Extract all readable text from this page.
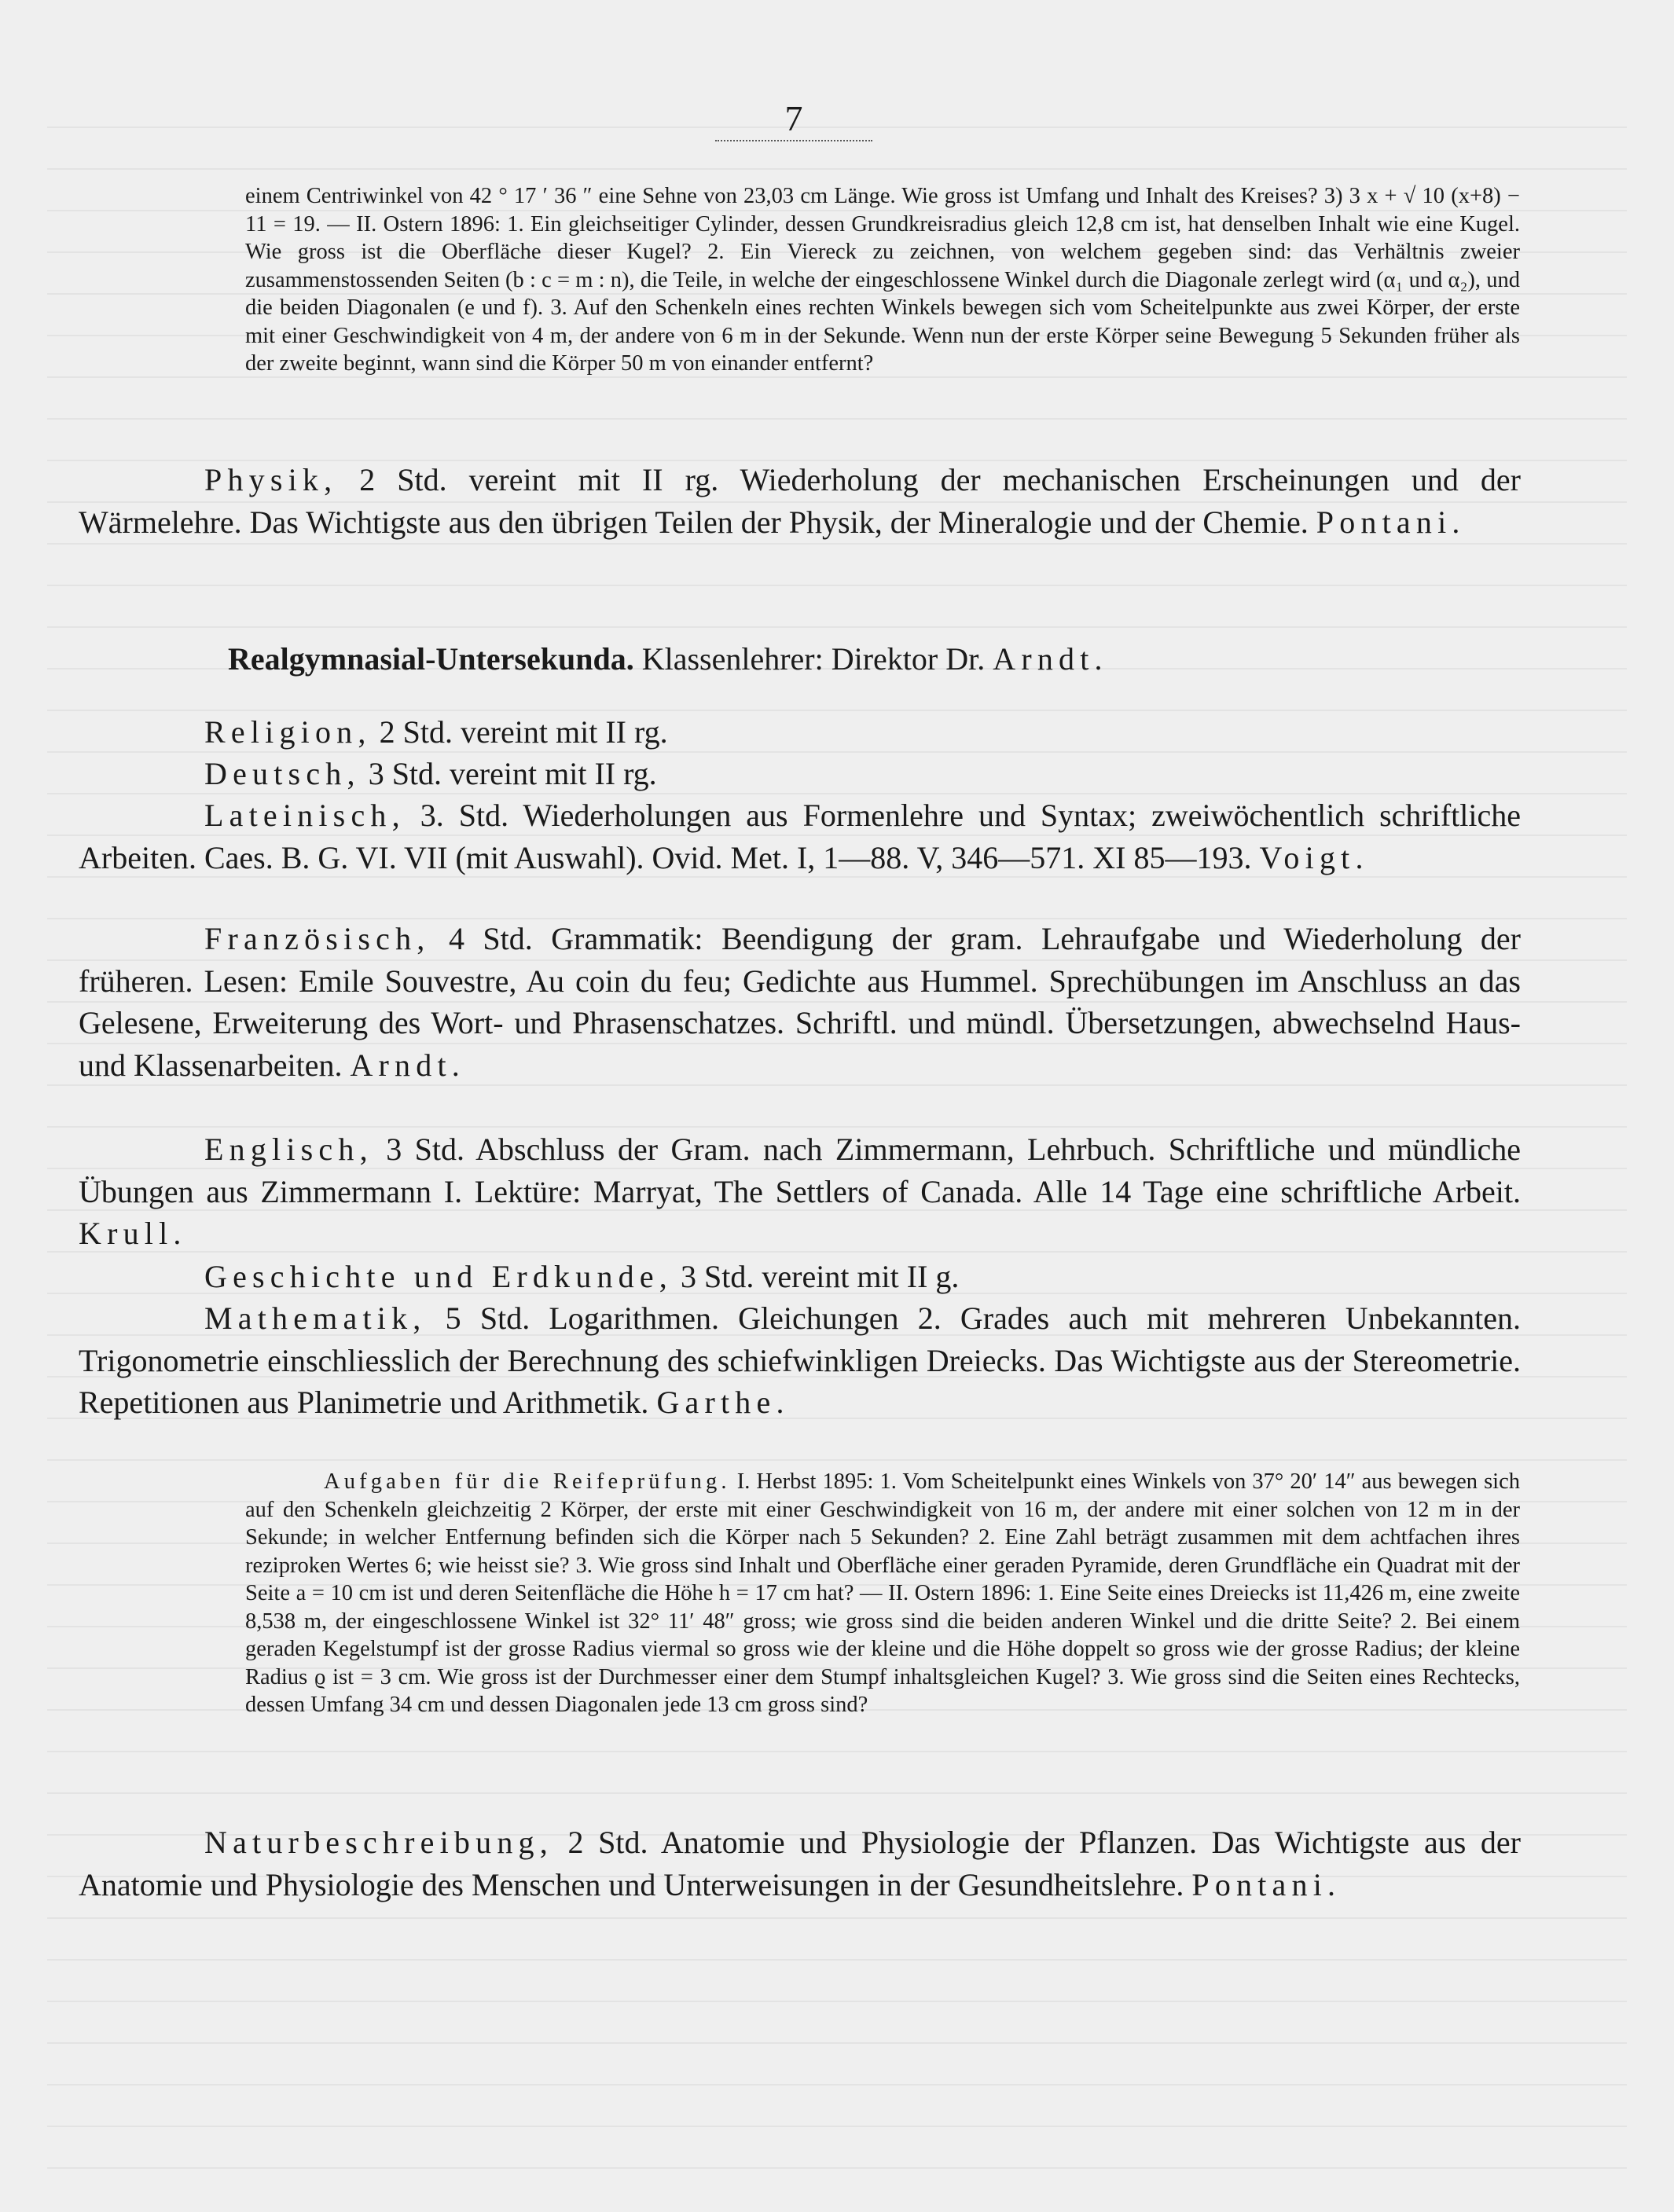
7
einem Centriwinkel von 42 ° 17 ′ 36 ″ eine Sehne von 23,03 cm Länge. Wie gross ist Umfang und Inhalt des Kreises? 3) 3 x + √ 10 (x+8) − 11 = 19. — II. Ostern 1896: 1. Ein gleichseitiger Cylinder, dessen Grundkreisradius gleich 12,8 cm ist, hat denselben Inhalt wie eine Kugel. Wie gross ist die Oberfläche dieser Kugel? 2. Ein Viereck zu zeichnen, von welchem gegeben sind: das Verhältnis zweier zusammenstossenden Seiten (b : c = m : n), die Teile, in welche der eingeschlossene Winkel durch die Diagonale zerlegt wird (α₁ und α₂), und die beiden Diagonalen (e und f). 3. Auf den Schenkeln eines rechten Winkels bewegen sich vom Scheitelpunkte aus zwei Körper, der erste mit einer Geschwindigkeit von 4 m, der andere von 6 m in der Sekunde. Wenn nun der erste Körper seine Bewegung 5 Sekunden früher als der zweite beginnt, wann sind die Körper 50 m von einander entfernt?
Physik, 2 Std. vereint mit II rg. Wiederholung der mechanischen Erscheinungen und der Wärmelehre. Das Wichtigste aus den übrigen Teilen der Physik, der Mineralogie und der Chemie. Pontani.
Realgymnasial-Untersekunda. Klassenlehrer: Direktor Dr. Arndt.
Religion, 2 Std. vereint mit II rg.
Deutsch, 3 Std. vereint mit II rg.
Lateinisch, 3. Std. Wiederholungen aus Formenlehre und Syntax; zweiwöchentlich schriftliche Arbeiten. Caes. B. G. VI. VII (mit Auswahl). Ovid. Met. I, 1—88. V, 346—571. XI 85—193. Voigt.
Französisch, 4 Std. Grammatik: Beendigung der gram. Lehraufgabe und Wiederholung der früheren. Lesen: Emile Souvestre, Au coin du feu; Gedichte aus Hummel. Sprechübungen im Anschluss an das Gelesene, Erweiterung des Wort- und Phrasenschatzes. Schriftl. und mündl. Übersetzungen, abwechselnd Haus- und Klassenarbeiten. Arndt.
Englisch, 3 Std. Abschluss der Gram. nach Zimmermann, Lehrbuch. Schriftliche und mündliche Übungen aus Zimmermann I. Lektüre: Marryat, The Settlers of Canada. Alle 14 Tage eine schriftliche Arbeit. Krull.
Geschichte und Erdkunde, 3 Std. vereint mit II g.
Mathematik, 5 Std. Logarithmen. Gleichungen 2. Grades auch mit mehreren Unbekannten. Trigonometrie einschliesslich der Berechnung des schiefwinkligen Dreiecks. Das Wichtigste aus der Stereometrie. Repetitionen aus Planimetrie und Arithmetik. Garthe.
Aufgaben für die Reifeprüfung. I. Herbst 1895: 1. Vom Scheitelpunkt eines Winkels von 37° 20′ 14″ aus bewegen sich auf den Schenkeln gleichzeitig 2 Körper, der erste mit einer Geschwindigkeit von 16 m, der andere mit einer solchen von 12 m in der Sekunde; in welcher Entfernung befinden sich die Körper nach 5 Sekunden? 2. Eine Zahl beträgt zusammen mit dem achtfachen ihres reziproken Wertes 6; wie heisst sie? 3. Wie gross sind Inhalt und Oberfläche einer geraden Pyramide, deren Grundfläche ein Quadrat mit der Seite a = 10 cm ist und deren Seitenfläche die Höhe h = 17 cm hat? — II. Ostern 1896: 1. Eine Seite eines Dreiecks ist 11,426 m, eine zweite 8,538 m, der eingeschlossene Winkel ist 32° 11′ 48″ gross; wie gross sind die beiden anderen Winkel und die dritte Seite? 2. Bei einem geraden Kegelstumpf ist der grosse Radius viermal so gross wie der kleine und die Höhe doppelt so gross wie der grosse Radius; der kleine Radius ϱ ist = 3 cm. Wie gross ist der Durchmesser einer dem Stumpf inhaltsgleichen Kugel? 3. Wie gross sind die Seiten eines Rechtecks, dessen Umfang 34 cm und dessen Diagonalen jede 13 cm gross sind?
Naturbeschreibung, 2 Std. Anatomie und Physiologie der Pflanzen. Das Wichtigste aus der Anatomie und Physiologie des Menschen und Unterweisungen in der Gesundheitslehre. Pontani.
